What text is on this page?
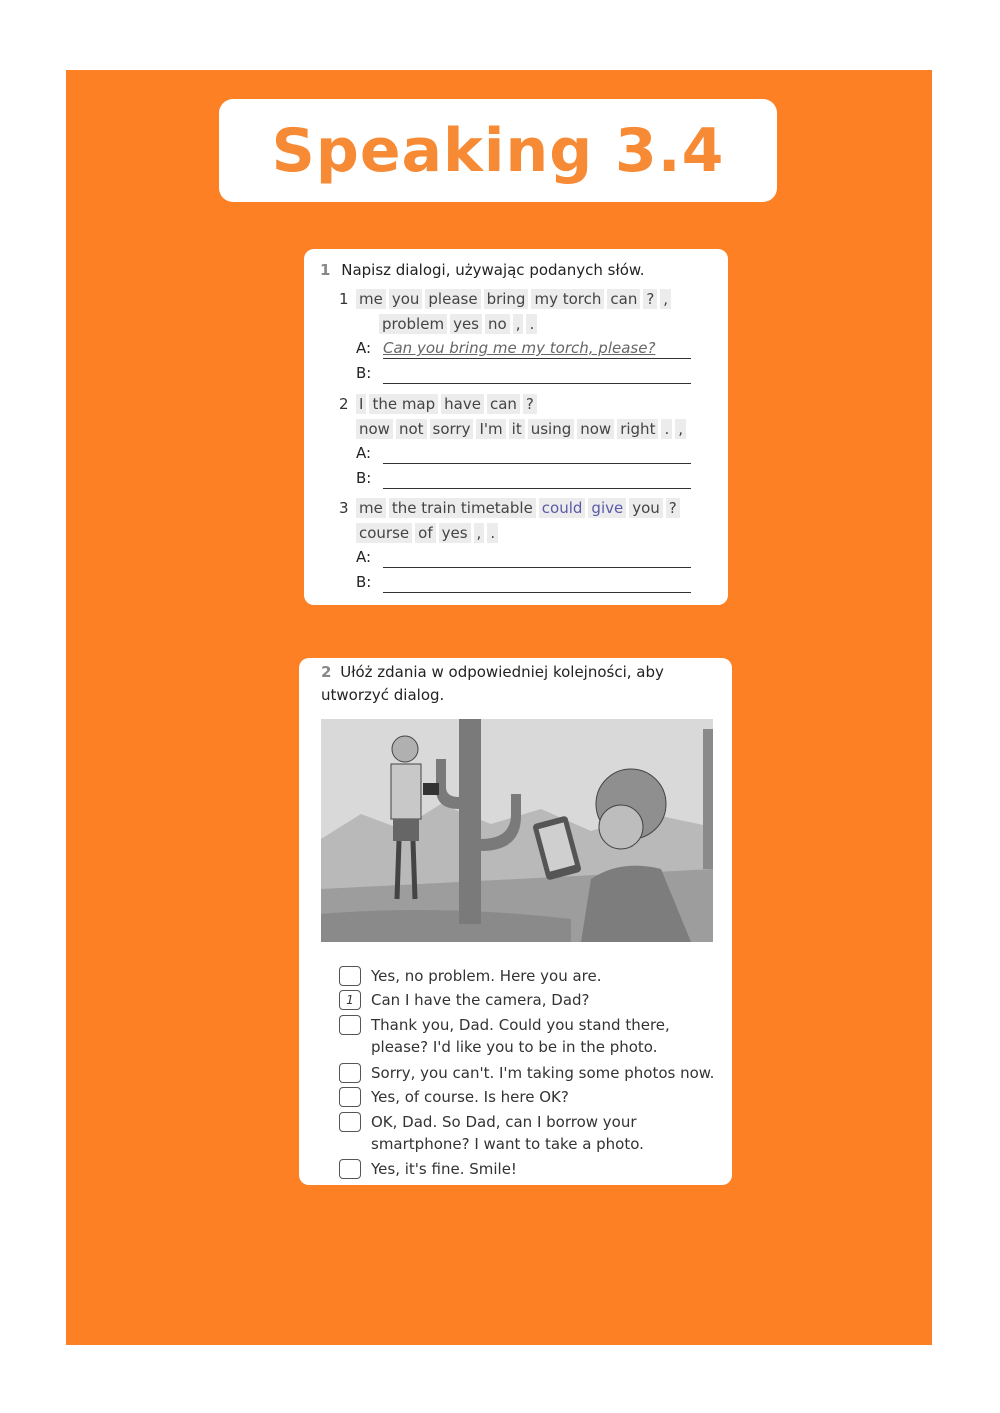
Speaking 3.4
1 Napisz dialogi, używając podanych słów.
1 me you please bring my torch can ? ,
problem yes no , .
A: Can you bring me my torch, please?
B:
2 I the map have can ?
now not sorry I'm it using now right . ,
A:
B:
3 me the train timetable could give you ?
course of yes , .
A:
B:
2 Ułóż zdania w odpowiedniej kolejności, aby utworzyć dialog.
Yes, no problem. Here you are.
1	Can I have the camera, Dad?
Thank you, Dad. Could you stand there, please? I'd like you to be in the photo.
Sorry, you can't. I'm taking some photos now.
Yes, of course. Is here OK?
OK, Dad. So Dad, can I borrow your smartphone? I want to take a photo.
Yes, it's fine. Smile!
